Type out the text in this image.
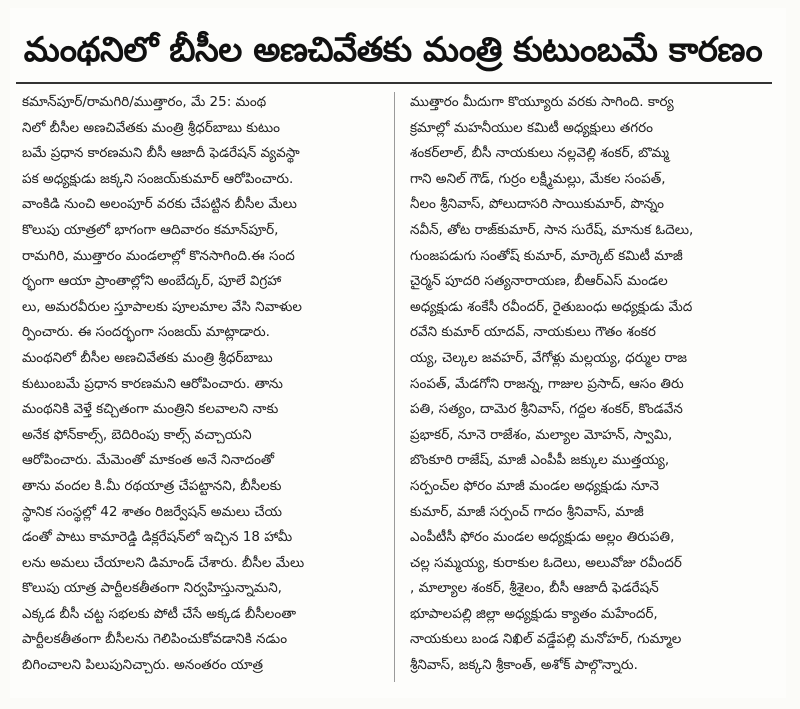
మంథనిలో బీసీల అణచివేతకు మంత్రి కుటుంబమే కారణం
కమాన్‌పూర్/రామగిరి/ముత్తారం, మే 25: మంథ
నిలో బీసీల అణచివేతకు మంత్రి శ్రీధర్‌బాబు కుటుం
బమే ప్రధాన కారణమని బీసీ ఆజాదీ ఫెడరేషన్ వ్యవస్థా
పక అధ్యక్షుడు జక్కని సంజయ్‌కుమార్ ఆరోపించారు.
వాంకిడి నుంచి అలంపూర్ వరకు చేపట్టిన బీసీల మేలు
కొలుపు యాత్రలో భాగంగా ఆదివారం కమాన్‌పూర్,
రామగిరి, ముత్తారం మండలాల్లో కొనసాగింది.ఈ సంద
ర్భంగా ఆయా ప్రాంతాల్లోని అంబేద్కర్, పూలే విగ్రహా
లు, అమరవీరుల స్తూపాలకు పూలమాల వేసి నివాళుల
ర్పించారు. ఈ సందర్భంగా సంజయ్ మాట్లాడారు.
మంథనిలో బీసీల అణచివేతకు మంత్రి శ్రీధర్‌బాబు
కుటుంబమే ప్రధాన కారణమని ఆరోపించారు. తాను
మంథనికి వెళ్తే కచ్చితంగా మంత్రిని కలవాలని నాకు
అనేక ఫోన్‌కాల్స్, బెదిరింపు కాల్స్ వచ్చాయని
ఆరోపించారు. మేమెంతో మాకంత అనే నినాదంతో
తాను వందల కి.మీ రథయాత్ర చేపట్టానని, బీసీలకు
స్థానిక సంస్థల్లో 42 శాతం రిజర్వేషన్ అమలు చేయ
డంతో పాటు కామారెడ్డి డిక్లరేషన్‌లో ఇచ్చిన 18 హామీ
లను అమలు చేయాలని డిమాండ్ చేశారు. బీసీల మేలు
కొలుపు యాత్ర పార్టీలకతీతంగా నిర్వహిస్తున్నామని,
ఎక్కడ బీసీ చట్ట సభలకు పోటీ చేసే అక్కడ బీసీలంతా
పార్టీలకతీతంగా బీసీలను గెలిపించుకోవడానికి నడుం
బిగించాలని పిలుపునిచ్చారు. అనంతరం యాత్ర
ముత్తారం మీదుగా కొయ్యూరు వరకు సాగింది. కార్య
క్రమాల్లో మహనీయుల కమిటీ అధ్యక్షులు తగరం
శంకర్‌లాల్, బీసీ నాయకులు నల్లవెల్లి శంకర్, బొమ్మ
గాని అనిల్ గౌడ్, గుర్రం లక్ష్మీమల్లు, మేకల సంపత్,
నీలం శ్రీనివాస్, పోలుదాసరి సాయికుమార్, పొన్నం
నవీన్, తోట రాజ్‌కుమార్, సాన సురేష్, మానుక ఓదెలు,
గుంజపడుగు సంతోష్ కుమార్, మార్కెట్ కమిటీ మాజీ
చైర్మన్ పూదరి సత్యనారాయణ, బీఆర్‌ఎస్ మండల
అధ్యక్షుడు శంకేసీ రవీందర్, రైతుబంధు అధ్యక్షుడు మేద
రవేని కుమార్ యాదవ్, నాయకులు గౌతం శంకర
య్య, చెల్కల జవహర్, వేగోళ్లు మల్లయ్య, ధర్ముల రాజ
సంపత్, మేడగోని రాజన్న, గాజుల ప్రసాద్, ఆసం తిరు
పతి, సత్యం, దామెర శ్రీనివాస్, గద్దల శంకర్, కొండవేన
ప్రభాకర్, నూనె రాజేశం, మల్యాల మోహన్, స్వామి,
బొంకూరి రాజేష్, మాజీ ఎంపీపీ జక్కుల ముత్తయ్య,
సర్పంచ్‌ల ఫోరం మాజీ మండల అధ్యక్షుడు నూనె
కుమార్, మాజీ సర్పంచ్ గాదం శ్రీనివాస్, మాజీ
ఎంపీటీసీ ఫోరం మండల అధ్యక్షుడు అల్లం తిరుపతి,
చల్ల సమ్మయ్య, కురాకుల ఓదెలు, అలువోజు రవీందర్
, మాల్యాల శంకర్, శ్రీశైలం, బీసీ ఆజాదీ ఫెడరేషన్
భూపాలపల్లి జిల్లా అధ్యక్షుడు క్యాతం మహేందర్,
నాయకులు బండ నిఖిల్ వడ్డేపల్లి మనోహర్, గుమ్మాల
శ్రీనివాస్, జక్కని శ్రీకాంత్, అశోక్ పాల్గొన్నారు.
